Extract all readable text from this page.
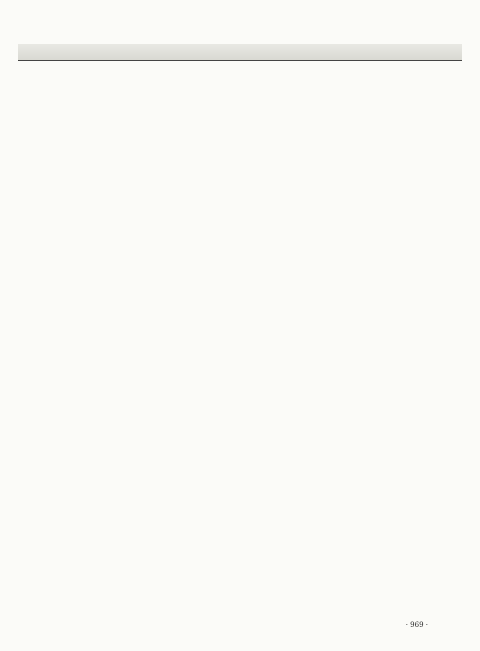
· 969 ·
